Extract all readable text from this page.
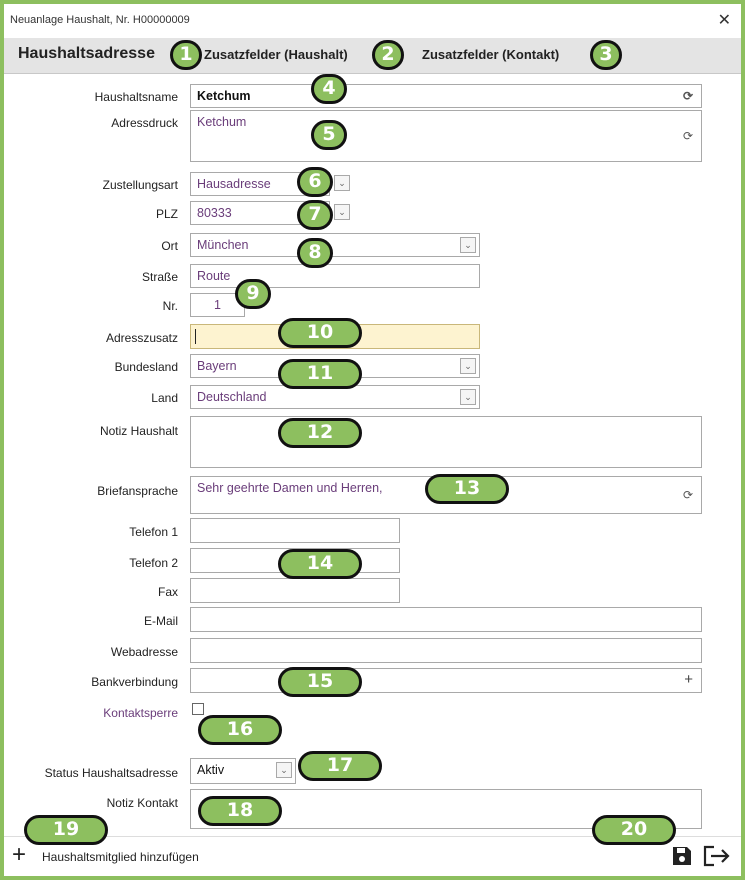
Neuanlage Haushalt, Nr. H00000009	✕
Haushaltsadresse	Zusatzfelder (Haushalt)	Zusatzfelder (Kontakt)
Haushaltsname	Ketchum	⟳
Adressdruck	Ketchum
⟳
Zustellungsart	Hausadresse	⌄
PLZ	80333	⌄
Ort	München	⌄
Straße	Route
Nr.	1
Adresszusatz
Bundesland	Bayern	⌄
Land	Deutschland	⌄
Notiz Haushalt
Briefansprache	Sehr geehrte Damen und Herren,	⟳
Telefon 1
Telefon 2
Fax
E-Mail
Webadresse
Bankverbindung	+
Kontaktsperre
Status Haushaltsadresse	Aktiv	⌄
Notiz Kontakt
+ Haushaltsmitglied hinzufügen
1	2	3
4
5
6
7
8
9
10
11
12
13
14
15
16
17
18
19	20
